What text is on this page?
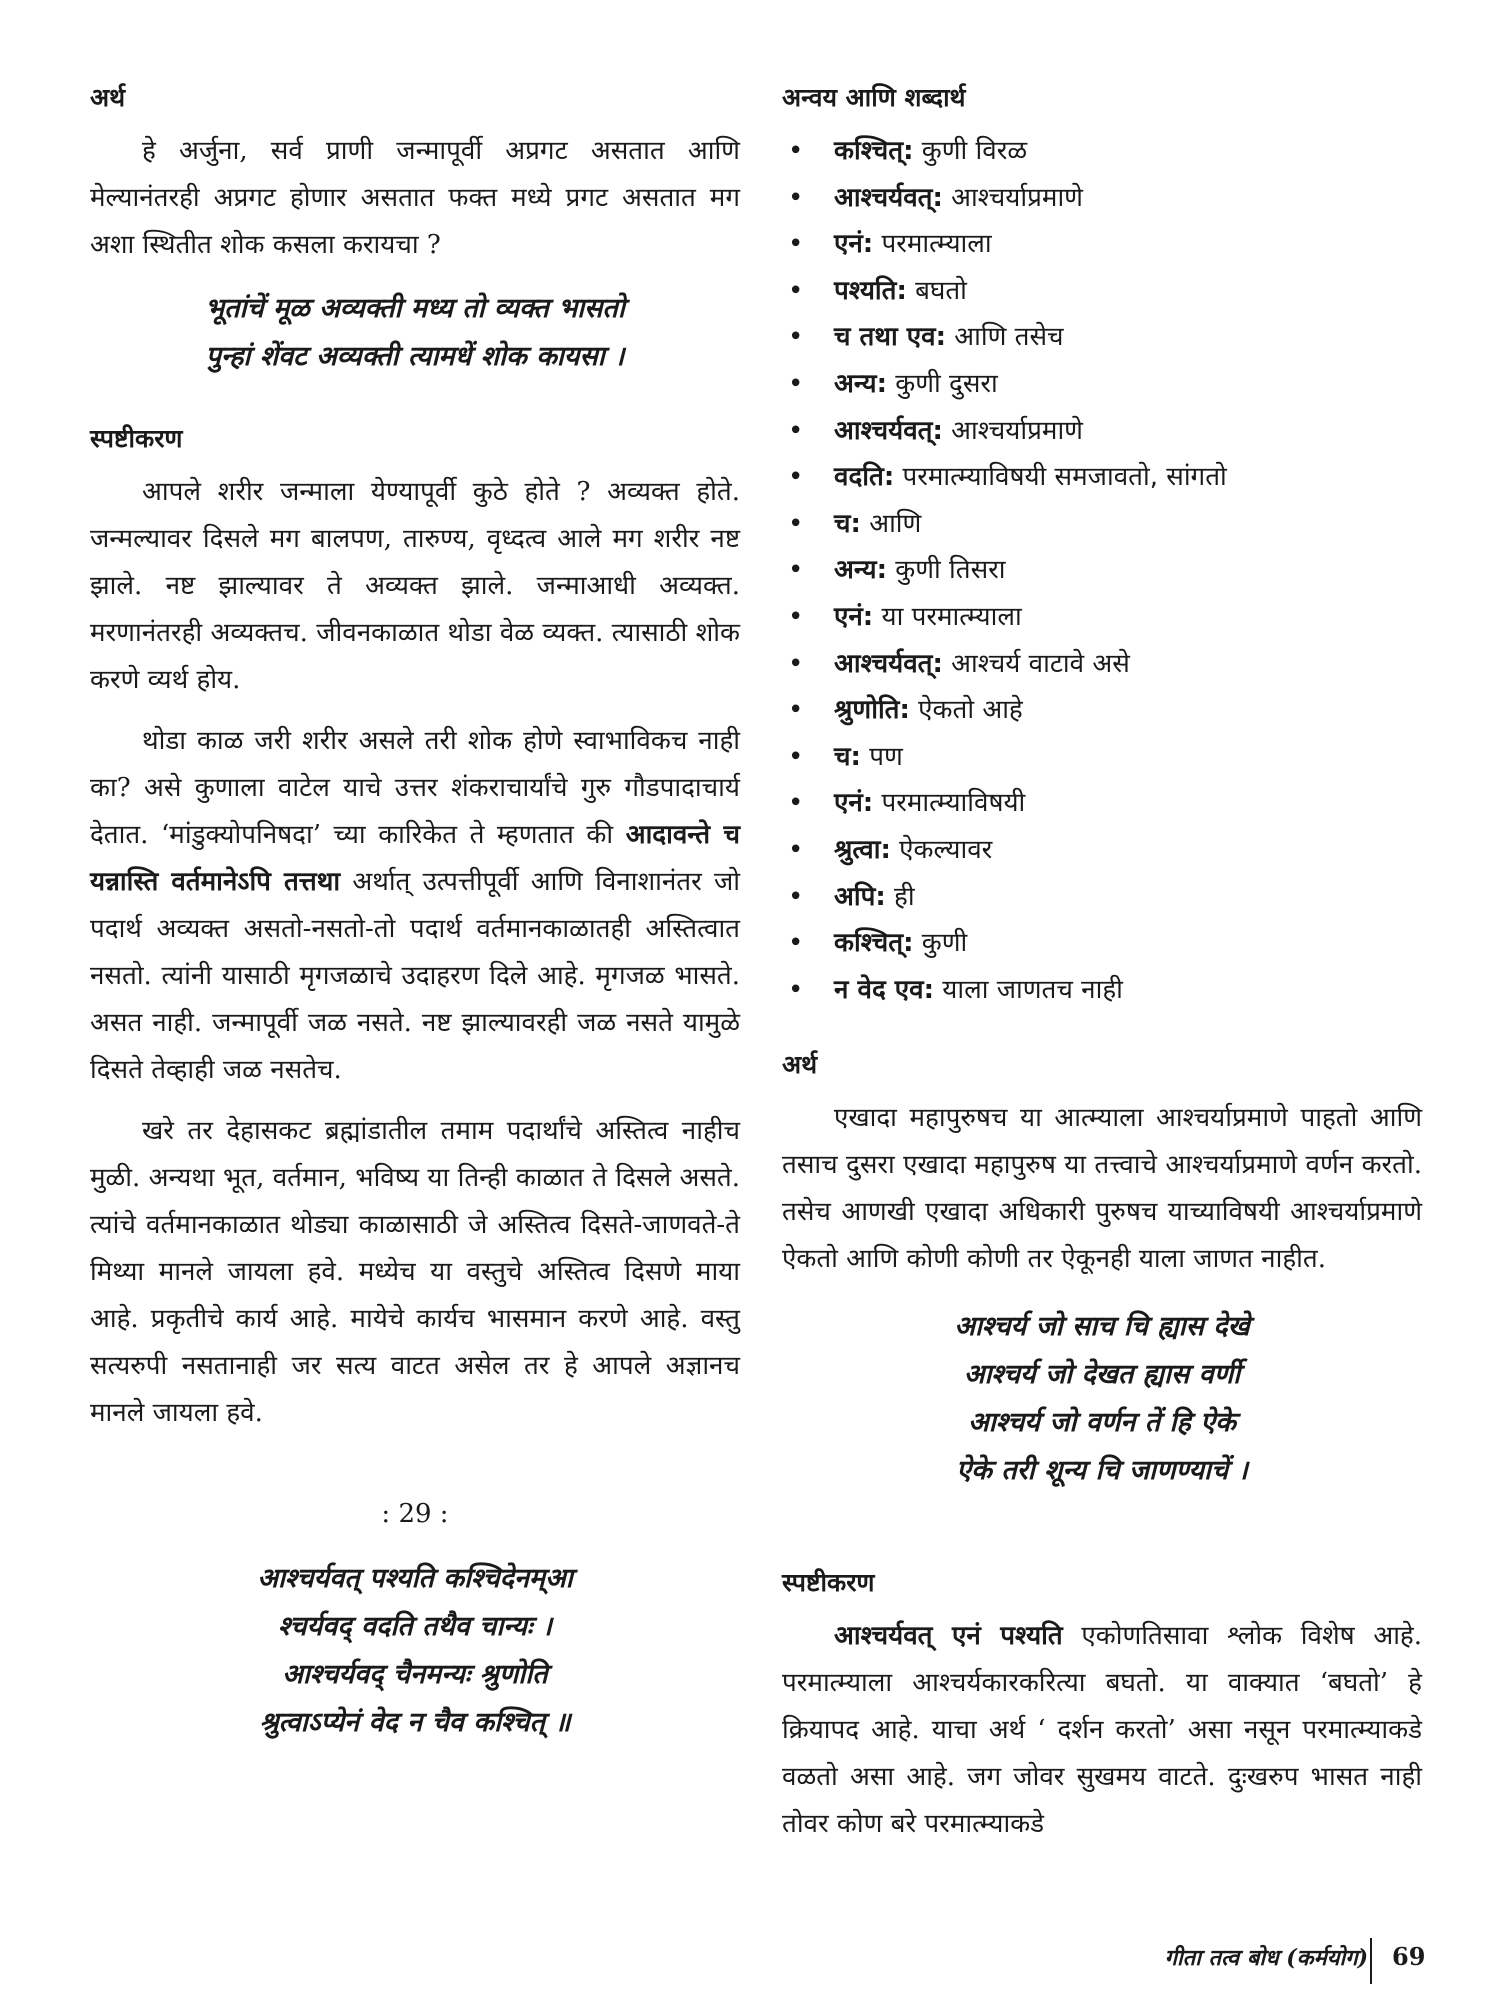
अर्थ

हे अर्जुना, सर्व प्राणी जन्मापूर्वी अप्रगट असतात आणि मेल्यानंतरही अप्रगट होणार असतात फक्त मध्ये प्रगट असतात मग अशा स्थितीत शोक कसला करायचा ?

भूतांचें मूळ अव्यक्ती मध्य तो व्यक्त भासतो
पुन्हां शेंवट अव्यक्ती त्यामधें शोक कायसा ।
स्पष्टीकरण

आपले शरीर जन्माला येण्यापूर्वी कुठे होते ? अव्यक्त होते. जन्मल्यावर दिसले मग बालपण, तारुण्य, वृध्दत्व आले मग शरीर नष्ट झाले. नष्ट झाल्यावर ते अव्यक्त झाले. जन्माआधी अव्यक्त. मरणानंतरही अव्यक्तच. जीवनकाळात थोडा वेळ व्यक्त. त्यासाठी शोक करणे व्यर्थ होय.

थोडा काळ जरी शरीर असले तरी शोक होणे स्वाभाविकच नाही का? असे कुणाला वाटेल याचे उत्तर शंकराचार्यांचे गुरु गौडपादाचार्य देतात. ‘मांडुक्योपनिषदा’ च्या कारिकेत ते म्हणतात की आदावन्ते च यन्नास्ति वर्तमानेऽपि तत्तथा अर्थात् उत्पत्तीपूर्वी आणि विनाशानंतर जो पदार्थ अव्यक्त असतो-नसतो-तो पदार्थ वर्तमानकाळातही अस्तित्वात नसतो. त्यांनी यासाठी मृगजळाचे उदाहरण दिले आहे. मृगजळ भासते. असत नाही. जन्मापूर्वी जळ नसते. नष्ट झाल्यावरही जळ नसते यामुळे दिसते तेव्हाही जळ नसतेच.

खरे तर देहासकट ब्रह्मांडातील तमाम पदार्थांचे अस्तित्व नाहीच मुळी. अन्यथा भूत, वर्तमान, भविष्य या तिन्ही काळात ते दिसले असते. त्यांचे वर्तमानकाळात थोड्या काळासाठी जे अस्तित्व दिसते-जाणवते-ते मिथ्या मानले जायला हवे. मध्येच या वस्तुचे अस्तित्व दिसणे माया आहे. प्रकृतीचे कार्य आहे. मायेचे कार्यच भासमान करणे आहे. वस्तु सत्यरुपी नसतानाही जर सत्य वाटत असेल तर हे आपले अज्ञानच मानले जायला हवे.

: 29 :
आश्चर्यवत् पश्यति कश्चिदेनम्आ
श्चर्यवद् वदति तथैव चान्यः ।
आश्चर्यवद् चैनमन्यः श्रुणोति
श्रुत्वाऽप्येनं वेद न चैव कश्चित् ॥
अन्वय आणि शब्दार्थ
• कश्चित्: कुणी विरळ
• आश्चर्यवत्: आश्चर्याप्रमाणे
• एनं: परमात्म्याला
• पश्यति: बघतो
• च तथा एव: आणि तसेच
• अन्य: कुणी दुसरा
• आश्चर्यवत्: आश्चर्याप्रमाणे
• वदति: परमात्म्याविषयी समजावतो, सांगतो
• च: आणि
• अन्य: कुणी तिसरा
• एनं: या परमात्म्याला
• आश्चर्यवत्: आश्चर्य वाटावे असे
• श्रुणोति: ऐकतो आहे
• च: पण
• एनं: परमात्म्याविषयी
• श्रुत्वा: ऐकल्यावर
• अपि: ही
• कश्चित्: कुणी
• न वेद एव: याला जाणतच नाही
अर्थ

एखादा महापुरुषच या आत्म्याला आश्चर्याप्रमाणे पाहतो आणि तसाच दुसरा एखादा महापुरुष या तत्त्वाचे आश्चर्याप्रमाणे वर्णन करतो. तसेच आणखी एखादा अधिकारी पुरुषच याच्याविषयी आश्चर्याप्रमाणे ऐकतो आणि कोणी कोणी तर ऐकूनही याला जाणत नाहीत.

आश्चर्य जो साच चि ह्यास देखे
आश्चर्य जो देखत ह्यास वर्णी
आश्चर्य जो वर्णन तें हि ऐके
ऐके तरी शून्य चि जाणण्याचें ।
स्पष्टीकरण

आश्चर्यवत् एनं पश्यति एकोणतिसावा श्लोक विशेष आहे. परमात्म्याला आश्चर्यकारकरित्या बघतो. या वाक्यात ‘बघतो’ हे क्रियापद आहे. याचा अर्थ ‘ दर्शन करतो’ असा नसून परमात्म्याकडे वळतो असा आहे. जग जोवर सुखमय वाटते. दुःखरुप भासत नाही तोवर कोण बरे परमात्म्याकडे

गीता तत्व बोध (कर्मयोग) 69
